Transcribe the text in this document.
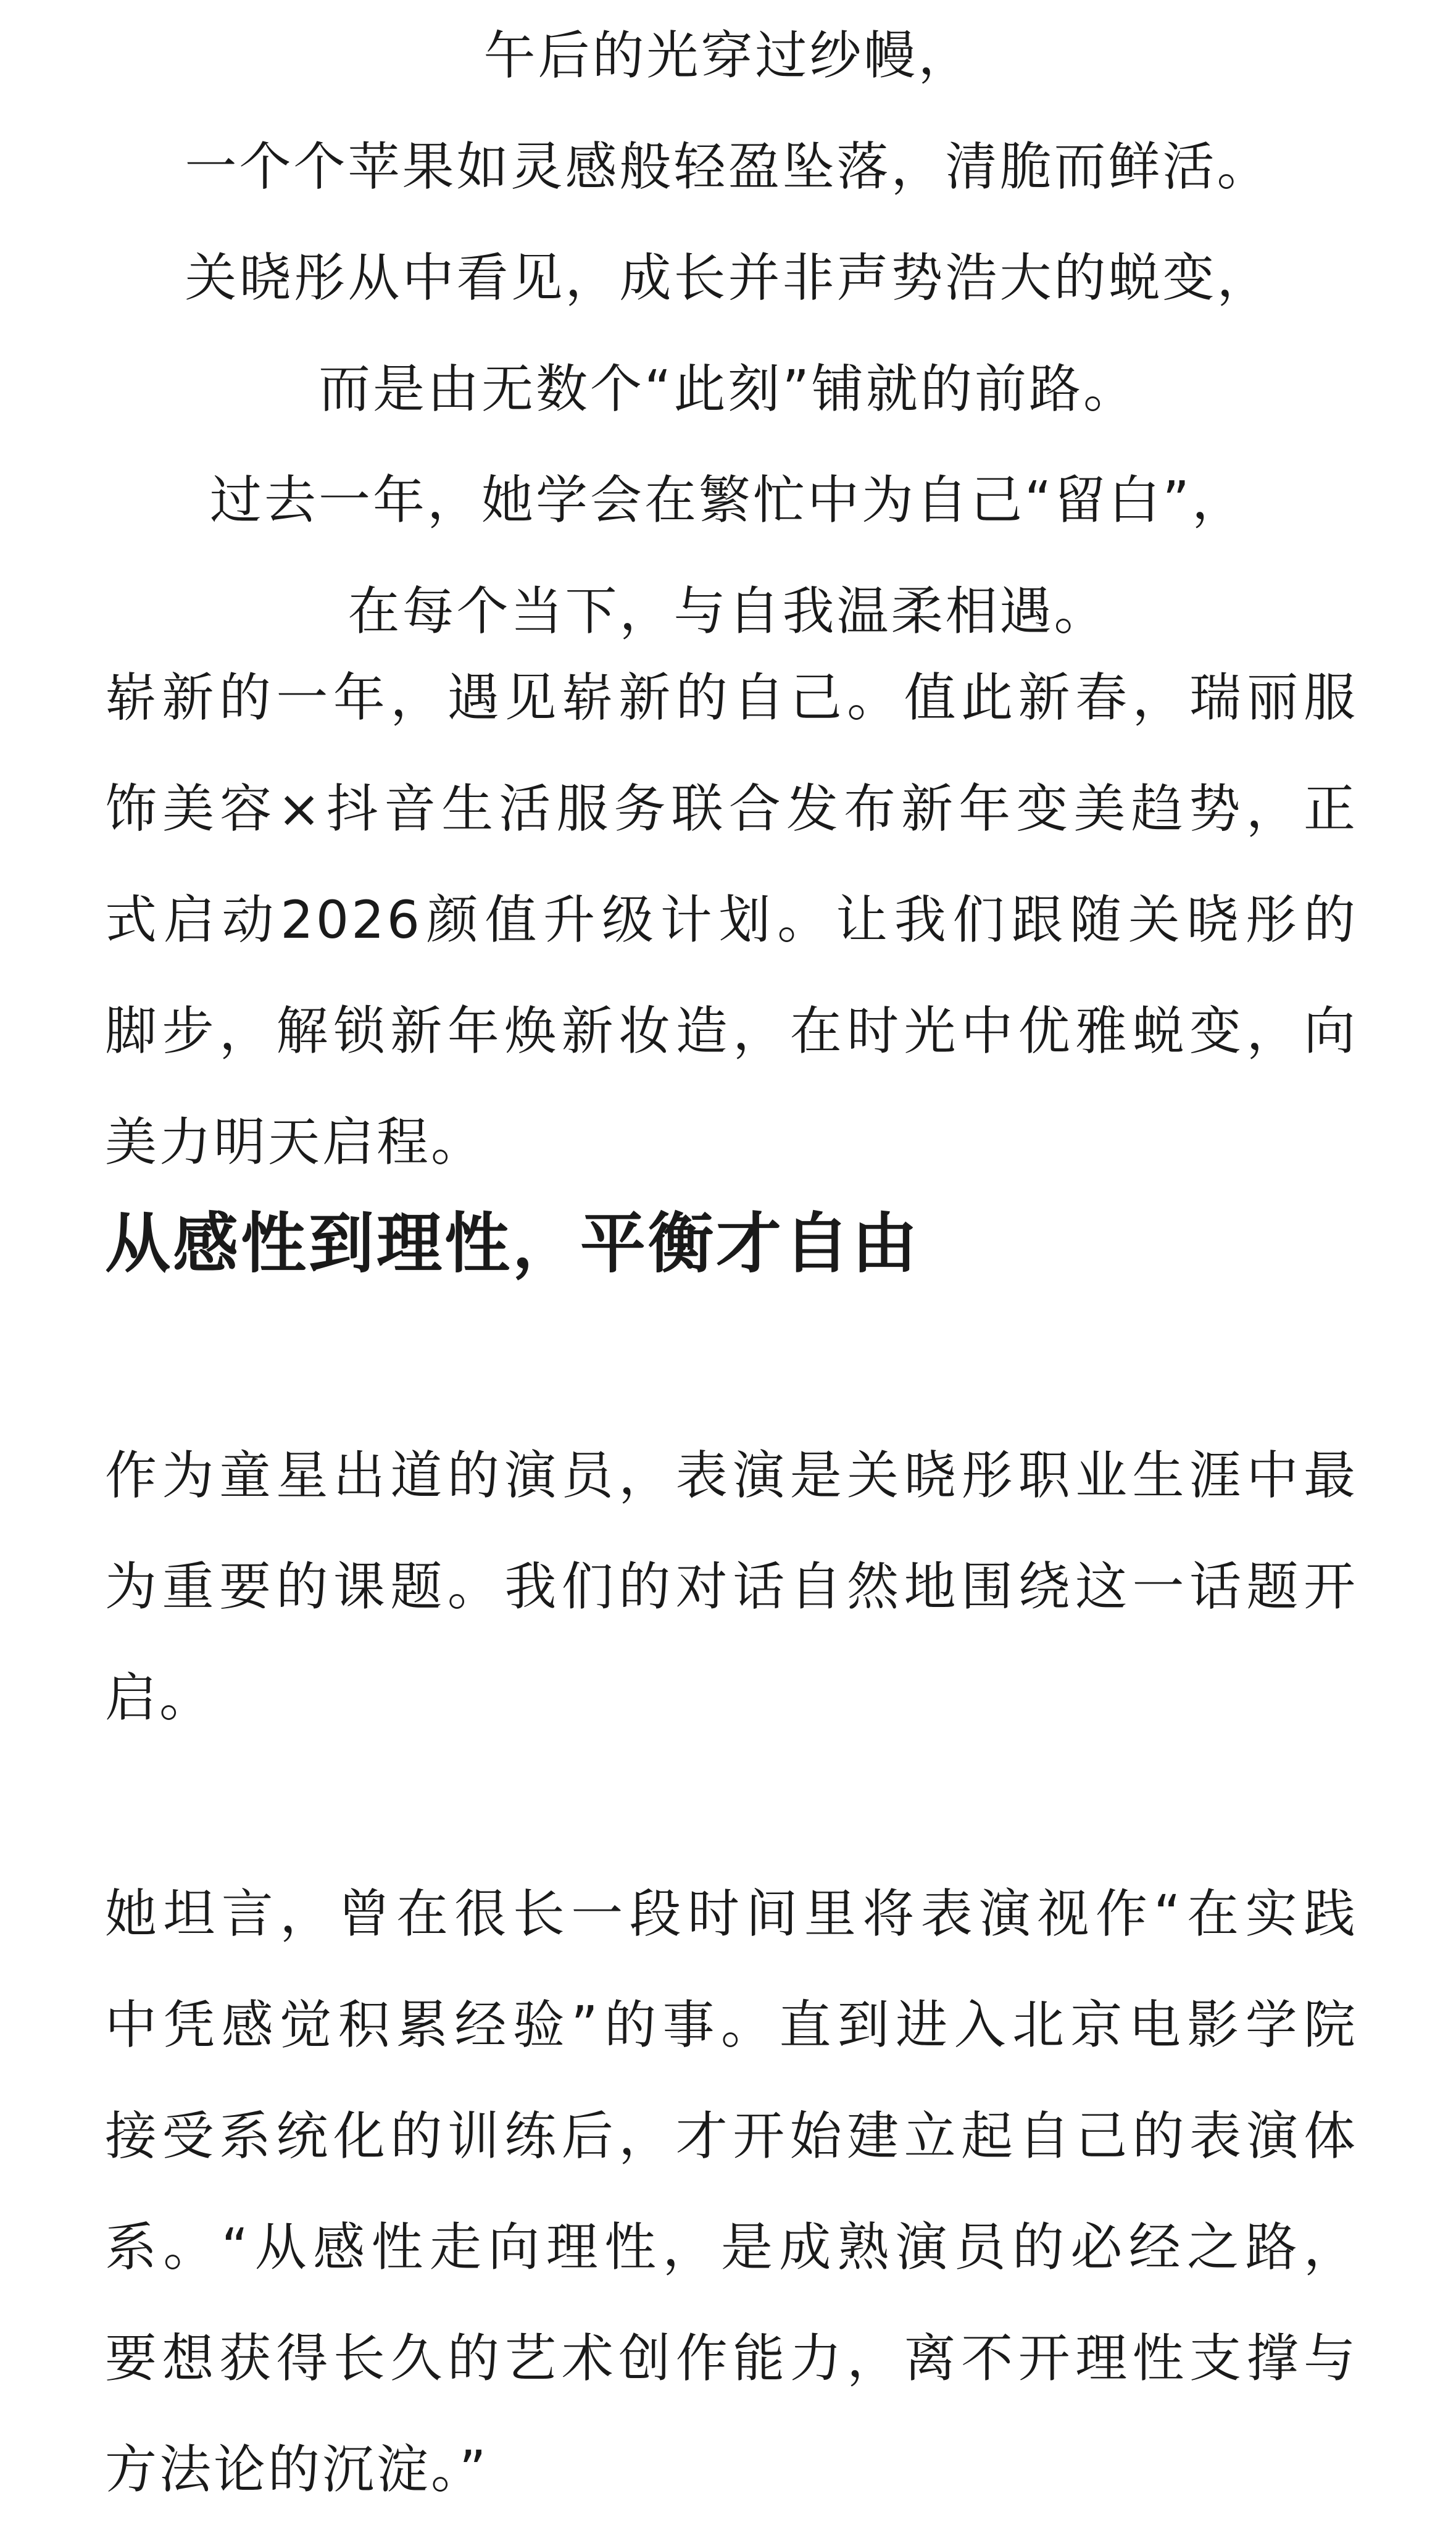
午后的光穿过纱幔，
一个个苹果如灵感般轻盈坠落，清脆而鲜活。
关晓彤从中看见，成长并非声势浩大的蜕变，
而是由无数个“此刻”铺就的前路。
过去一年，她学会在繁忙中为自己“留白”，
在每个当下，与自我温柔相遇。

崭新的一年，遇见崭新的自己。值此新春，瑞丽服
饰美容×抖音生活服务联合发布新年变美趋势，正
式启动2026颜值升级计划。让我们跟随关晓彤的
脚步，解锁新年焕新妆造，在时光中优雅蜕变，向
美力明天启程。

从感性到理性，平衡才自由

作为童星出道的演员，表演是关晓彤职业生涯中最
为重要的课题。我们的对话自然地围绕这一话题开
启。

她坦言，曾在很长一段时间里将表演视作“在实践
中凭感觉积累经验”的事。直到进入北京电影学院
接受系统化的训练后，才开始建立起自己的表演体
系。“从感性走向理性，是成熟演员的必经之路，
要想获得长久的艺术创作能力，离不开理性支撑与
方法论的沉淀。”
